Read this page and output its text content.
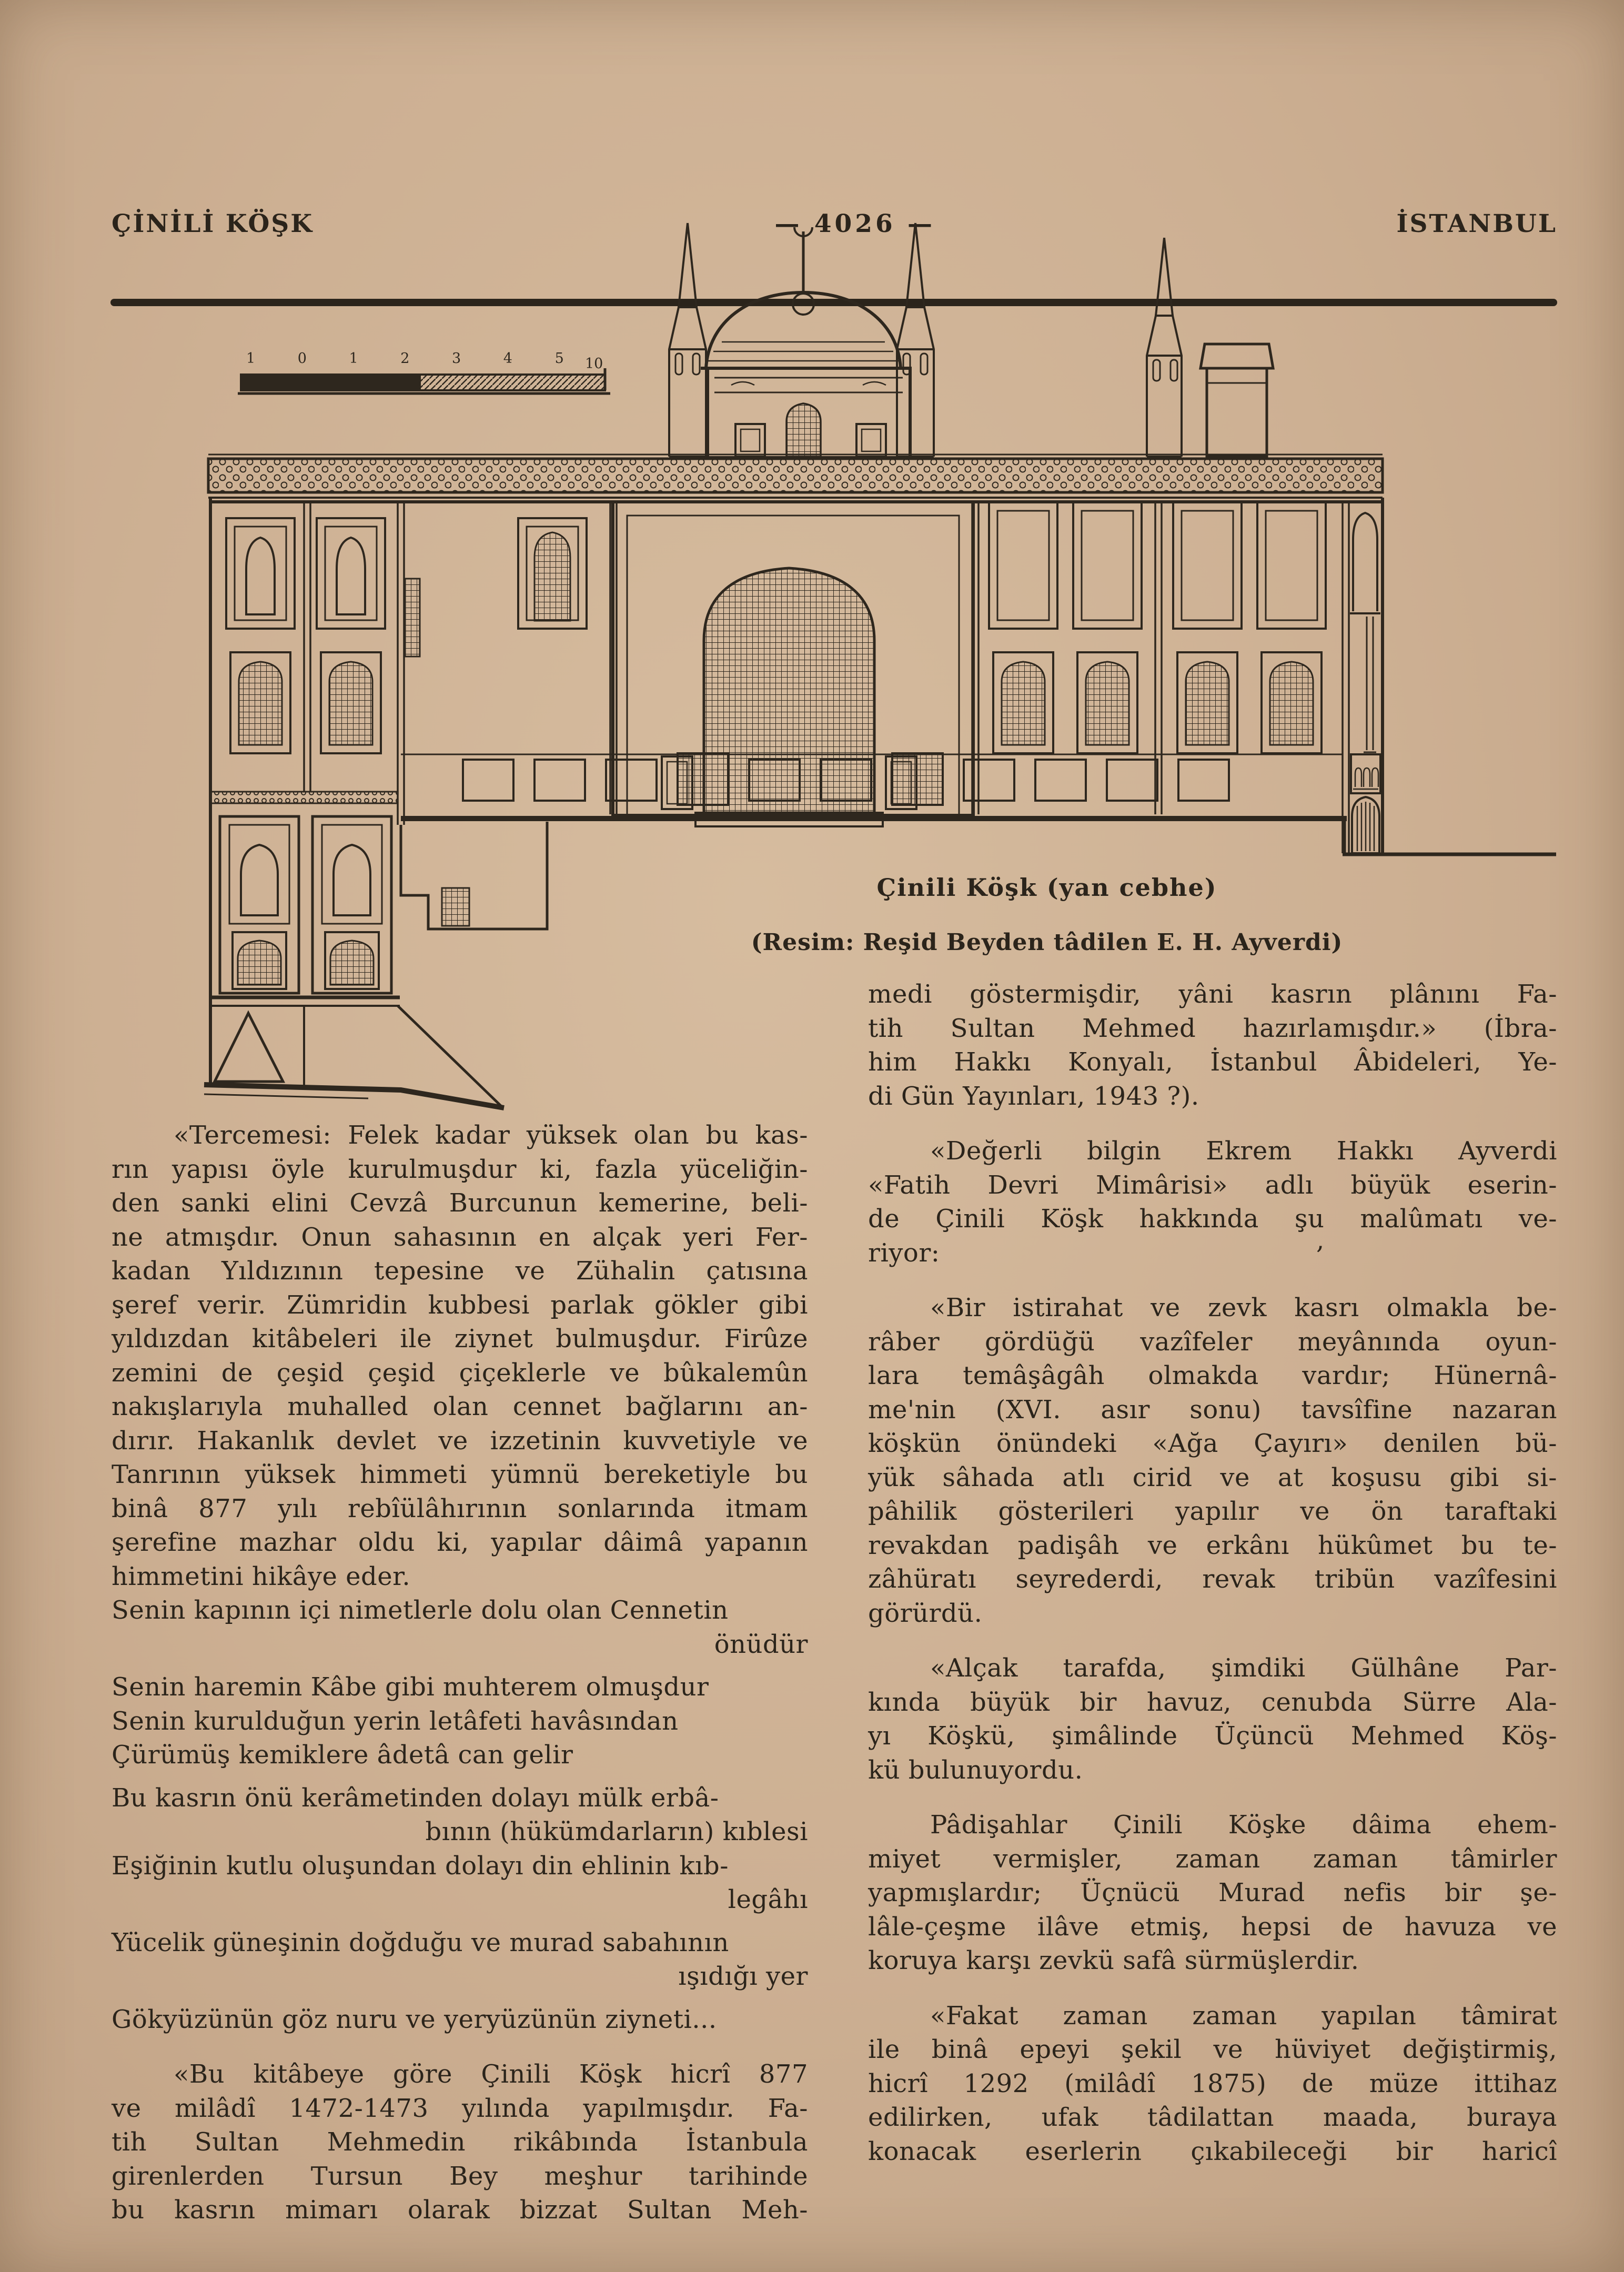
ÇİNİLİ KÖŞK	— 4026 —	İSTANBUL
1 0 1 2 3 4 5 10
Çinili Köşk (yan cebhe)
(Resim: Reşid Beyden tâdilen E. H. Ayverdi)
«Tercemesi: Felek kadar yüksek olan bu kas-
rın yapısı öyle kurulmuşdur ki, fazla yüceliğin-
den sanki elini Cevzâ Burcunun kemerine, beli-
ne atmışdır. Onun sahasının en alçak yeri Fer-
kadan Yıldızının tepesine ve Zühalin çatısına
şeref verir. Zümridin kubbesi parlak gökler gibi
yıldızdan kitâbeleri ile ziynet bulmuşdur. Firûze
zemini de çeşid çeşid çiçeklerle ve bûkalemûn
nakışlarıyla muhalled olan cennet bağlarını an-
dırır. Hakanlık devlet ve izzetinin kuvvetiyle ve
Tanrının yüksek himmeti yümnü bereketiyle bu
binâ 877 yılı rebîülâhırının sonlarında itmam
şerefine mazhar oldu ki, yapılar dâimâ yapanın
himmetini hikâye eder.
Senin kapının içi nimetlerle dolu olan Cennetin
önüdür
Senin haremin Kâbe gibi muhterem olmuşdur
Senin kurulduğun yerin letâfeti havâsından
Çürümüş kemiklere âdetâ can gelir
Bu kasrın önü kerâmetinden dolayı mülk erbâ-
bının (hükümdarların) kıblesi
Eşiğinin kutlu oluşundan dolayı din ehlinin kıb-
legâhı
Yücelik güneşinin doğduğu ve murad sabahının
ışıdığı yer
Gökyüzünün göz nuru ve yeryüzünün ziyneti...
«Bu kitâbeye göre Çinili Köşk hicrî 877
ve milâdî 1472-1473 yılında yapılmışdır. Fa-
tih Sultan Mehmedin rikâbında İstanbula
girenlerden Tursun Bey meşhur tarihinde
bu kasrın mimarı olarak bizzat Sultan Meh-
,
medi göstermişdir, yâni kasrın plânını Fa-
tih Sultan Mehmed hazırlamışdır.» (İbra-
him Hakkı Konyalı, İstanbul Âbideleri, Ye-
di Gün Yayınları, 1943 ?).
«Değerli bilgin Ekrem Hakkı Ayverdi
«Fatih Devri Mimârisi» adlı büyük eserin-
de Çinili Köşk hakkında şu malûmatı ve-
riyor:
«Bir istirahat ve zevk kasrı olmakla be-
râber gördüğü vazîfeler meyânında oyun-
lara temâşâgâh olmakda vardır; Hünernâ-
me'nin (XVI. asır sonu) tavsîfine nazaran
köşkün önündeki «Ağa Çayırı» denilen bü-
yük sâhada atlı cirid ve at koşusu gibi si-
pâhilik gösterileri yapılır ve ön taraftaki
revakdan padişâh ve erkânı hükûmet bu te-
zâhüratı seyrederdi, revak tribün vazîfesini
görürdü.
«Alçak tarafda, şimdiki Gülhâne Par-
kında büyük bir havuz, cenubda Sürre Ala-
yı Köşkü, şimâlinde Üçüncü Mehmed Köş-
kü bulunuyordu.
Pâdişahlar Çinili Köşke dâima ehem-
miyet vermişler, zaman zaman tâmirler
yapmışlardır; Üçnücü Murad nefis bir şe-
lâle-çeşme ilâve etmiş, hepsi de havuza ve
koruya karşı zevkü safâ sürmüşlerdir.
«Fakat zaman zaman yapılan tâmirat
ile binâ epeyi şekil ve hüviyet değiştirmiş,
hicrî 1292 (milâdî 1875) de müze ittihaz
edilirken, ufak tâdilattan maada, buraya
konacak eserlerin çıkabileceği bir haricî
